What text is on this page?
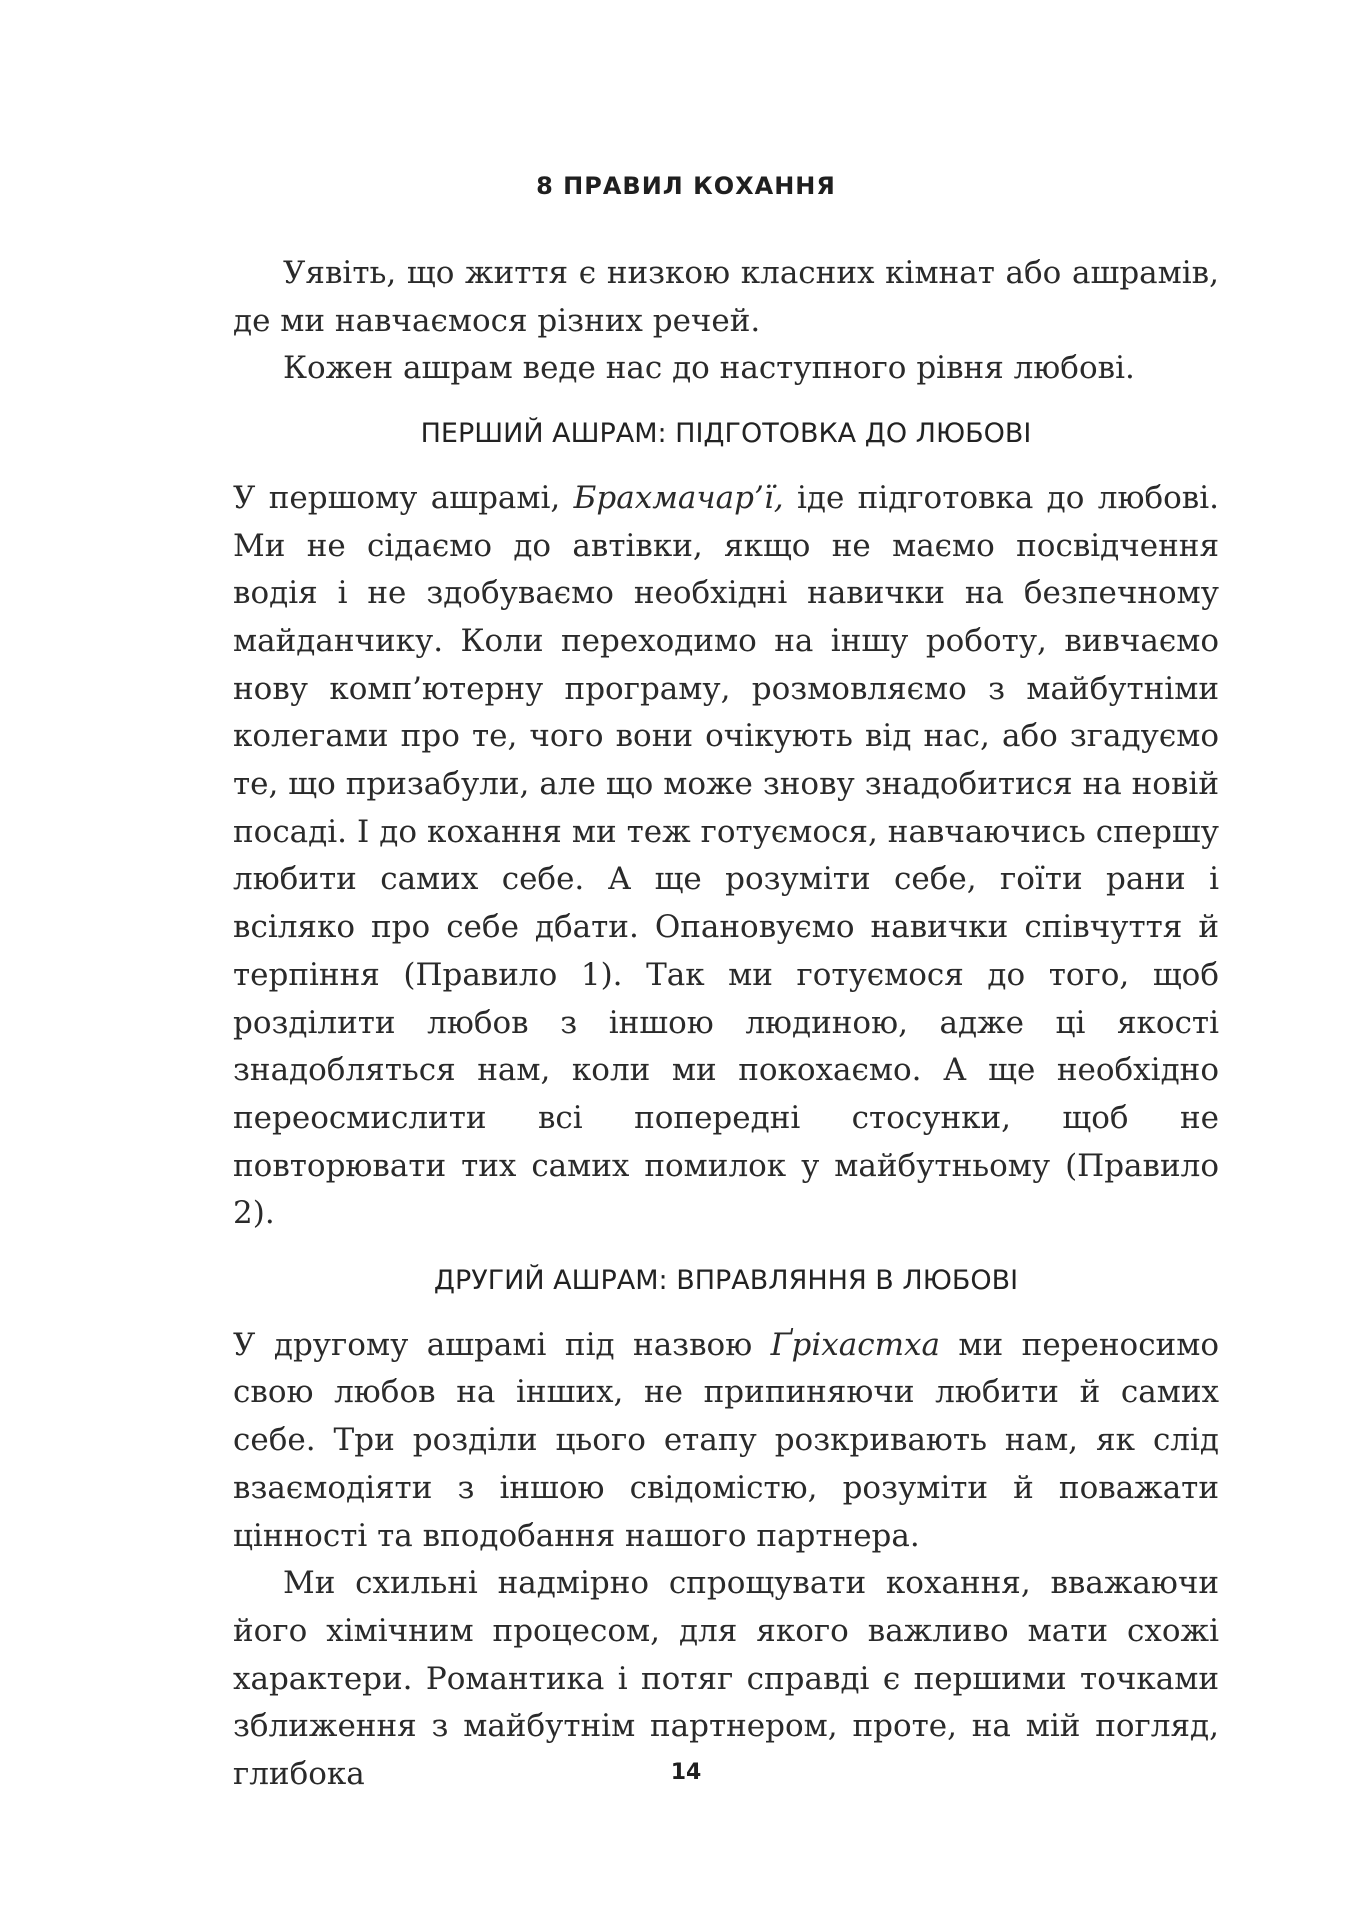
8 ПРАВИЛ КОХАННЯ

Уявіть, що життя є низкою класних кімнат або ашрамів, де ми навчаємося різних речей.

Кожен ашрам веде нас до наступного рівня любові.

ПЕРШИЙ АШРАМ: ПІДГОТОВКА ДО ЛЮБОВІ

У першому ашрамі, Брахмачар’ї, іде підготовка до любові. Ми не сідаємо до автівки, якщо не маємо посвідчення водія і не здобуваємо необхідні навички на безпечному майданчику. Коли переходимо на іншу роботу, вивчаємо нову комп’ютерну програму, розмовляємо з майбутніми колегами про те, чого вони очікують від нас, або згадуємо те, що призабули, але що може знову знадобитися на новій посаді. І до кохання ми теж готуємося, навчаючись спершу любити самих себе. А ще розуміти себе, гоїти рани і всіляко про себе дбати. Опановуємо навички співчуття й терпіння (Правило 1). Так ми готуємося до того, щоб розділити любов з іншою людиною, адже ці якості знадобляться нам, коли ми покохаємо. А ще необхідно переосмислити всі попередні стосунки, щоб не повторювати тих самих помилок у майбутньому (Правило 2).

ДРУГИЙ АШРАМ: ВПРАВЛЯННЯ В ЛЮБОВІ

У другому ашрамі під назвою Ґріхастха ми переносимо свою любов на інших, не припиняючи любити й самих себе. Три розділи цього етапу розкривають нам, як слід взаємодіяти з іншою свідомістю, розуміти й поважати цінності та вподобання нашого партнера.

Ми схильні надмірно спрощувати кохання, вважаючи його хімічним процесом, для якого важливо мати схожі характери. Романтика і потяг справді є першими точками зближення з майбутнім партнером, проте, на мій погляд, глибока	14
